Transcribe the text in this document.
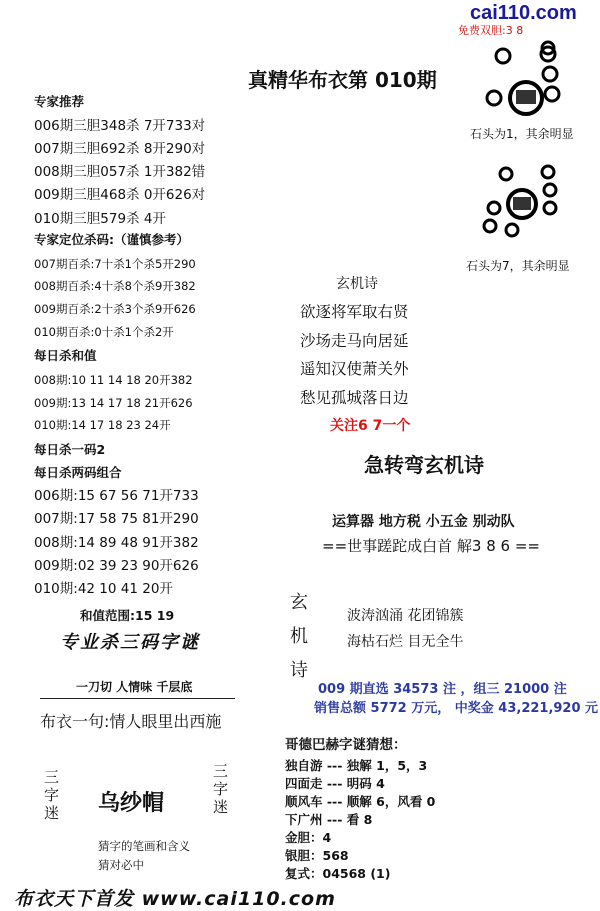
cai110.com
免费双胆:3 8
真精华布衣第 010期
专家推荐
006期三胆348杀 7开733对
007期三胆692杀 8开290对
008期三胆057杀 1开382错
009期三胆468杀 0开626对
010期三胆579杀 4开
专家定位杀码:（谨慎参考）
007期百杀:7十杀1个杀5开290
008期百杀:4十杀8个杀9开382
009期百杀:2十杀3个杀9开626
010期百杀:0十杀1个杀2开
每日杀和值
008期:10 11 14 18 20开382
009期:13 14 17 18 21开626
010期:14 17 18 23 24开
每日杀一码2
每日杀两码组合
006期:15 67 56 71开733
007期:17 58 75 81开290
008期:14 89 48 91开382
009期:02 39 23 90开626
010期:42 10 41 20开
和值范围:15 19
专业杀三码字谜
一刀切 人情味 千层底
布衣一句:情人眼里出西施
三字迷 乌纱帽
三字迷
猜字的笔画和含义
猜对必中
石头为1，其余明显
石头为7，其余明显
玄机诗
欲逐将军取右贤
沙场走马向居延
遥知汉使萧关外
愁见孤城落日边
关注6 7一个
急转弯玄机诗
运算器 地方税 小五金 别动队
==世事蹉跎成白首 解3 8 6 ==
玄
机
诗
波涛汹涌 花团锦簇
海枯石烂 目无全牛
009 期直选 34573 注 ，组三 21000 注
销售总额 5772 万元， 中奖金 43,221,920 元
哥德巴赫字谜猜想：
独自游 --- 独解 1，5，3
四面走 --- 明码 4
顺风车 --- 顺解 6，风看 0
下广州 --- 看 8
金胆：4
银胆：568
复式：04568 (1)
布衣天下首发 www.cai110.com
